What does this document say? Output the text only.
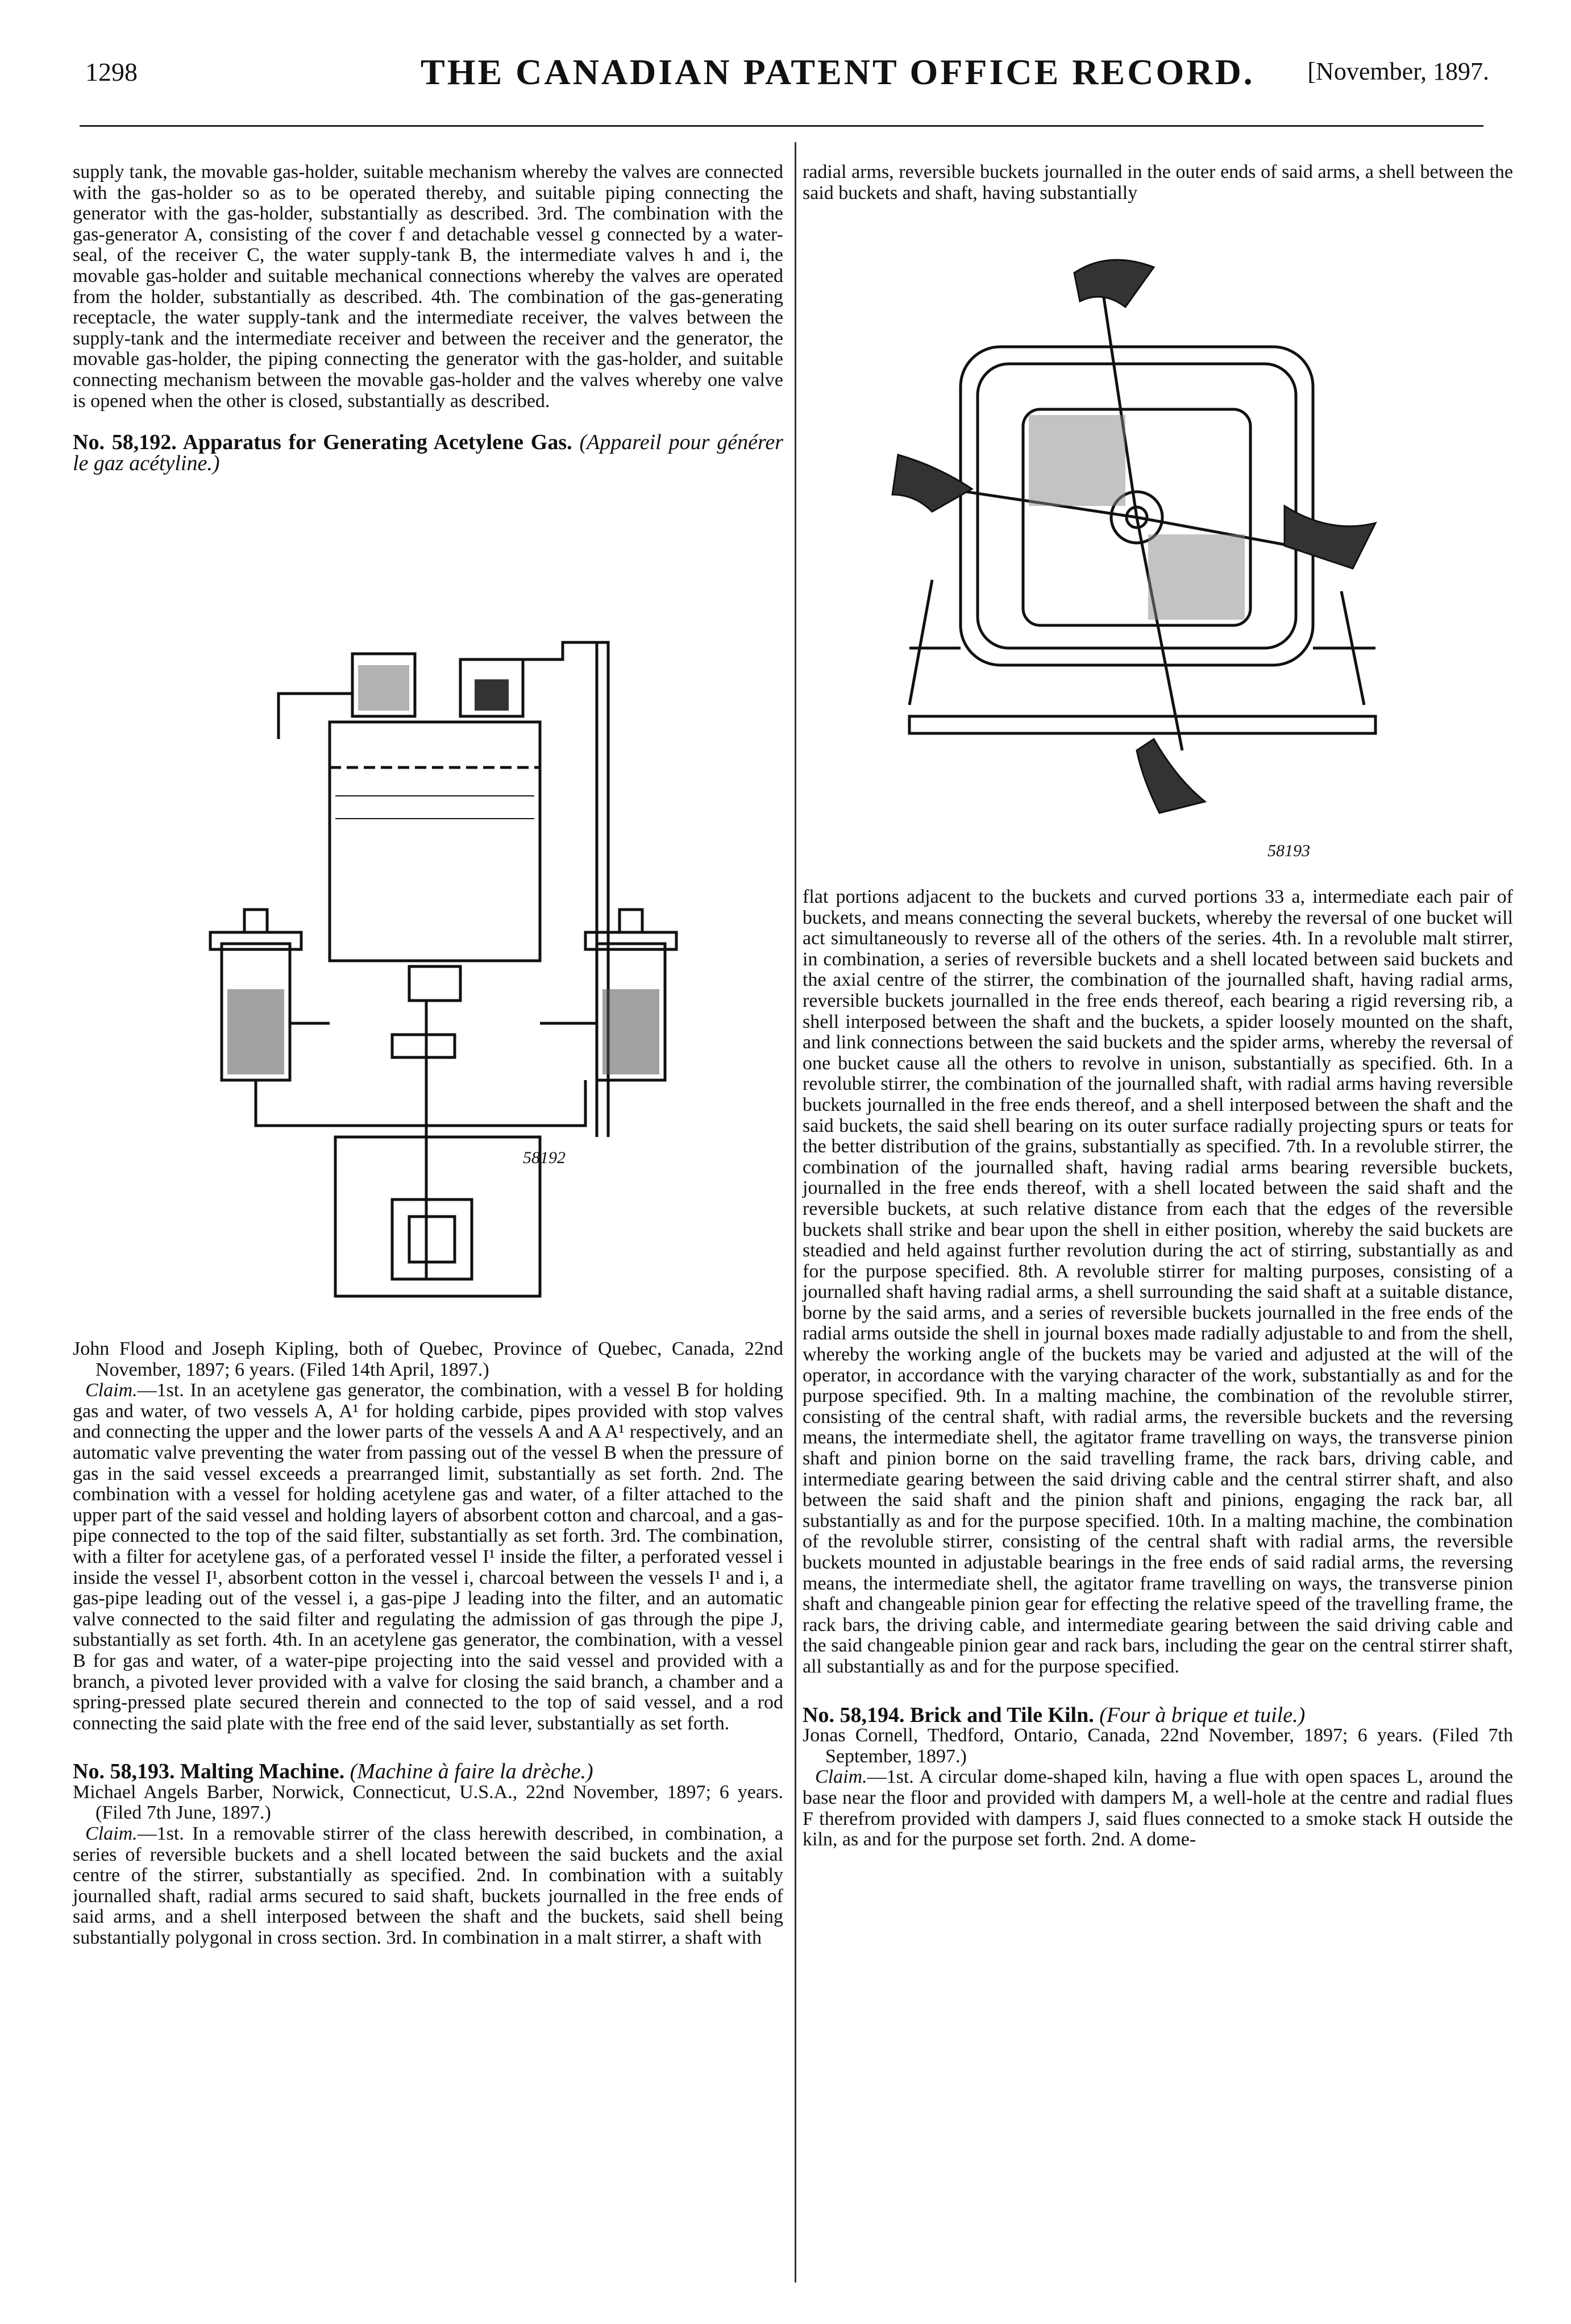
1298	THE CANADIAN PATENT OFFICE RECORD. [November, 1897.

supply tank, the movable gas-holder, suitable mechanism whereby the valves are connected with the gas-holder so as to be operated thereby, and suitable piping connecting the generator with the gas-holder, substantially as described. 3rd. The combination with the gas-generator A, consisting of the cover f and detachable vessel g connected by a water-seal, of the receiver C, the water supply-tank B, the intermediate valves h and i, the movable gas-holder and suitable mechanical connections whereby the valves are operated from the holder, substantially as described. 4th. The combination of the gas-generating receptacle, the water supply-tank and the intermediate receiver, the valves between the supply-tank and the intermediate receiver and between the receiver and the generator, the movable gas-holder, the piping connecting the generator with the gas-holder, and suitable connecting mechanism between the movable gas-holder and the valves whereby one valve is opened when the other is closed, substantially as described.

No. 58,192. Apparatus for Generating Acetylene Gas. (Appareil pour générer le gaz acétyline.)

58192

John Flood and Joseph Kipling, both of Quebec, Province of Quebec, Canada, 22nd November, 1897; 6 years. (Filed 14th April, 1897.)

Claim.—1st. In an acetylene gas generator, the combination, with a vessel B for holding gas and water, of two vessels A, A¹ for holding carbide, pipes provided with stop valves and connecting the upper and the lower parts of the vessels A and A A¹ respectively, and an automatic valve preventing the water from passing out of the vessel B when the pressure of gas in the said vessel exceeds a prearranged limit, substantially as set forth. 2nd. The combination with a vessel for holding acetylene gas and water, of a filter attached to the upper part of the said vessel and holding layers of absorbent cotton and charcoal, and a gas-pipe connected to the top of the said filter, substantially as set forth. 3rd. The combination, with a filter for acetylene gas, of a perforated vessel I¹ inside the filter, a perforated vessel i inside the vessel I¹, absorbent cotton in the vessel i, charcoal between the vessels I¹ and i, a gas-pipe leading out of the vessel i, a gas-pipe J leading into the filter, and an automatic valve connected to the said filter and regulating the admission of gas through the pipe J, substantially as set forth. 4th. In an acetylene gas generator, the combination, with a vessel B for gas and water, of a water-pipe projecting into the said vessel and provided with a branch, a pivoted lever provided with a valve for closing the said branch, a chamber and a spring-pressed plate secured therein and connected to the top of said vessel, and a rod connecting the said plate with the free end of the said lever, substantially as set forth.

No. 58,193. Malting Machine. (Machine à faire la drèche.)

Michael Angels Barber, Norwick, Connecticut, U.S.A., 22nd November, 1897; 6 years. (Filed 7th June, 1897.)

Claim.—1st. In a removable stirrer of the class herewith described, in combination, a series of reversible buckets and a shell located between the said buckets and the axial centre of the stirrer, substantially as specified. 2nd. In combination with a suitably journalled shaft, radial arms secured to said shaft, buckets journalled in the free ends of said arms, and a shell interposed between the shaft and the buckets, said shell being substantially polygonal in cross section. 3rd. In combination in a malt stirrer, a shaft with

radial arms, reversible buckets journalled in the outer ends of said arms, a shell between the said buckets and shaft, having substantially

58193

flat portions adjacent to the buckets and curved portions 33 a, intermediate each pair of buckets, and means connecting the several buckets, whereby the reversal of one bucket will act simultaneously to reverse all of the others of the series. 4th. In a revoluble malt stirrer, in combination, a series of reversible buckets and a shell located between said buckets and the axial centre of the stirrer, the combination of the journalled shaft, having radial arms, reversible buckets journalled in the free ends thereof, each bearing a rigid reversing rib, a shell interposed between the shaft and the buckets, a spider loosely mounted on the shaft, and link connections between the said buckets and the spider arms, whereby the reversal of one bucket cause all the others to revolve in unison, substantially as specified. 6th. In a revoluble stirrer, the combination of the journalled shaft, with radial arms having reversible buckets journalled in the free ends thereof, and a shell interposed between the shaft and the said buckets, the said shell bearing on its outer surface radially projecting spurs or teats for the better distribution of the grains, substantially as specified. 7th. In a revoluble stirrer, the combination of the journalled shaft, having radial arms bearing reversible buckets, journalled in the free ends thereof, with a shell located between the said shaft and the reversible buckets, at such relative distance from each that the edges of the reversible buckets shall strike and bear upon the shell in either position, whereby the said buckets are steadied and held against further revolution during the act of stirring, substantially as and for the purpose specified. 8th. A revoluble stirrer for malting purposes, consisting of a journalled shaft having radial arms, a shell surrounding the said shaft at a suitable distance, borne by the said arms, and a series of reversible buckets journalled in the free ends of the radial arms outside the shell in journal boxes made radially adjustable to and from the shell, whereby the working angle of the buckets may be varied and adjusted at the will of the operator, in accordance with the varying character of the work, substantially as and for the purpose specified. 9th. In a malting machine, the combination of the revoluble stirrer, consisting of the central shaft, with radial arms, the reversible buckets and the reversing means, the intermediate shell, the agitator frame travelling on ways, the transverse pinion shaft and pinion borne on the said travelling frame, the rack bars, driving cable, and intermediate gearing between the said driving cable and the central stirrer shaft, and also between the said shaft and the pinion shaft and pinions, engaging the rack bar, all substantially as and for the purpose specified. 10th. In a malting machine, the combination of the revoluble stirrer, consisting of the central shaft with radial arms, the reversible buckets mounted in adjustable bearings in the free ends of said radial arms, the reversing means, the intermediate shell, the agitator frame travelling on ways, the transverse pinion shaft and changeable pinion gear for effecting the relative speed of the travelling frame, the rack bars, the driving cable, and intermediate gearing between the said driving cable and the said changeable pinion gear and rack bars, including the gear on the central stirrer shaft, all substantially as and for the purpose specified.

No. 58,194. Brick and Tile Kiln. (Four à brique et tuile.)

Jonas Cornell, Thedford, Ontario, Canada, 22nd November, 1897; 6 years. (Filed 7th September, 1897.)

Claim.—1st. A circular dome-shaped kiln, having a flue with open spaces L, around the base near the floor and provided with dampers M, a well-hole at the centre and radial flues F therefrom provided with dampers J, said flues connected to a smoke stack H outside the kiln, as and for the purpose set forth. 2nd. A dome-
